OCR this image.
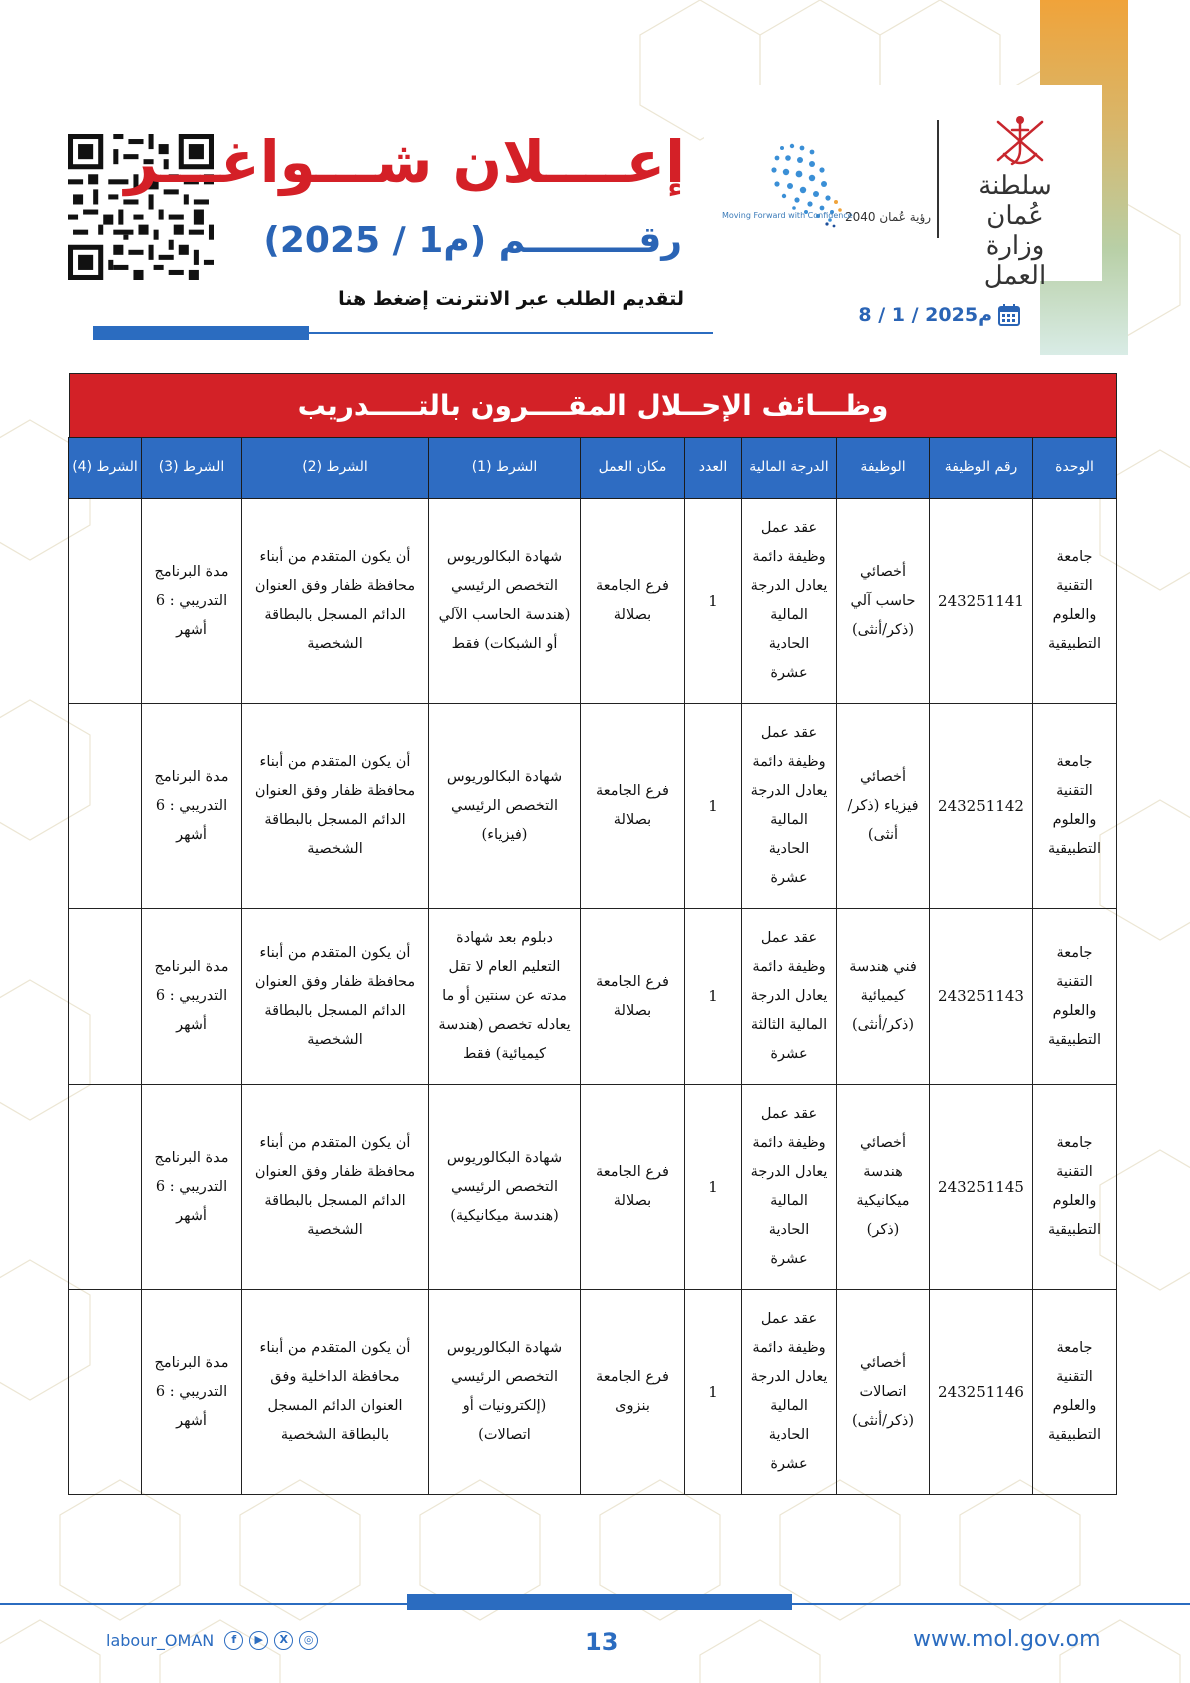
إعــــلان شـــواغـــر
رقـــــــــم (م1 / 2025)
لتقديم الطلب عبر الانترنت إضغط هنا
8 / 1 / 2025م
رؤية عُمان 2040
Moving Forward with Confidence
سلطنة عُمان
وزارة العمل
وظـــائف الإحــلال المقــــرون بالتـــــدريب
الوحدة	رقم الوظيفة	الوظيفة	الدرجة المالية	العدد	مكان العمل	الشرط (1)	الشرط (2)	الشرط (3)	الشرط (4)
جامعة التقنية والعلوم التطبيقية	243251141	أخصائي حاسب آلي (ذكر/أنثى)	عقد عمل وظيفة دائمة يعادل الدرجة المالية الحادية عشرة	1	فرع الجامعة بصلالة	شهادة البكالوريوس التخصص الرئيسي (هندسة الحاسب الآلي أو الشبكات) فقط	أن يكون المتقدم من أبناء محافظة ظفار وفق العنوان الدائم المسجل بالبطاقة الشخصية	مدة البرنامج التدريبي : 6 أشهر	
جامعة التقنية والعلوم التطبيقية	243251142	أخصائي فيزياء (ذكر/ أنثى)	عقد عمل وظيفة دائمة يعادل الدرجة المالية الحادية عشرة	1	فرع الجامعة بصلالة	شهادة البكالوريوس التخصص الرئيسي (فيزياء)	أن يكون المتقدم من أبناء محافظة ظفار وفق العنوان الدائم المسجل بالبطاقة الشخصية	مدة البرنامج التدريبي : 6 أشهر	
جامعة التقنية والعلوم التطبيقية	243251143	فني هندسة كيميائية (ذكر/أنثى)	عقد عمل وظيفة دائمة يعادل الدرجة المالية الثالثة عشرة	1	فرع الجامعة بصلالة	دبلوم بعد شهادة التعليم العام لا تقل مدته عن سنتين أو ما يعادله تخصص (هندسة كيميائية) فقط	أن يكون المتقدم من أبناء محافظة ظفار وفق العنوان الدائم المسجل بالبطاقة الشخصية	مدة البرنامج التدريبي : 6 أشهر	
جامعة التقنية والعلوم التطبيقية	243251145	أخصائي هندسة ميكانيكية (ذكر)	عقد عمل وظيفة دائمة يعادل الدرجة المالية الحادية عشرة	1	فرع الجامعة بصلالة	شهادة البكالوريوس التخصص الرئيسي (هندسة ميكانيكية)	أن يكون المتقدم من أبناء محافظة ظفار وفق العنوان الدائم المسجل بالبطاقة الشخصية	مدة البرنامج التدريبي : 6 أشهر	
جامعة التقنية والعلوم التطبيقية	243251146	أخصائي اتصالات (ذكر/أنثى)	عقد عمل وظيفة دائمة يعادل الدرجة المالية الحادية عشرة	1	فرع الجامعة بنزوى	شهادة البكالوريوس التخصص الرئيسي (إلكترونيات أو اتصالات)	أن يكون المتقدم من أبناء محافظة الداخلية وفق العنوان الدائم المسجل بالبطاقة الشخصية	مدة البرنامج التدريبي : 6 أشهر	
13	www.mol.gov.om
labour_OMAN	f	▶	X	◎
